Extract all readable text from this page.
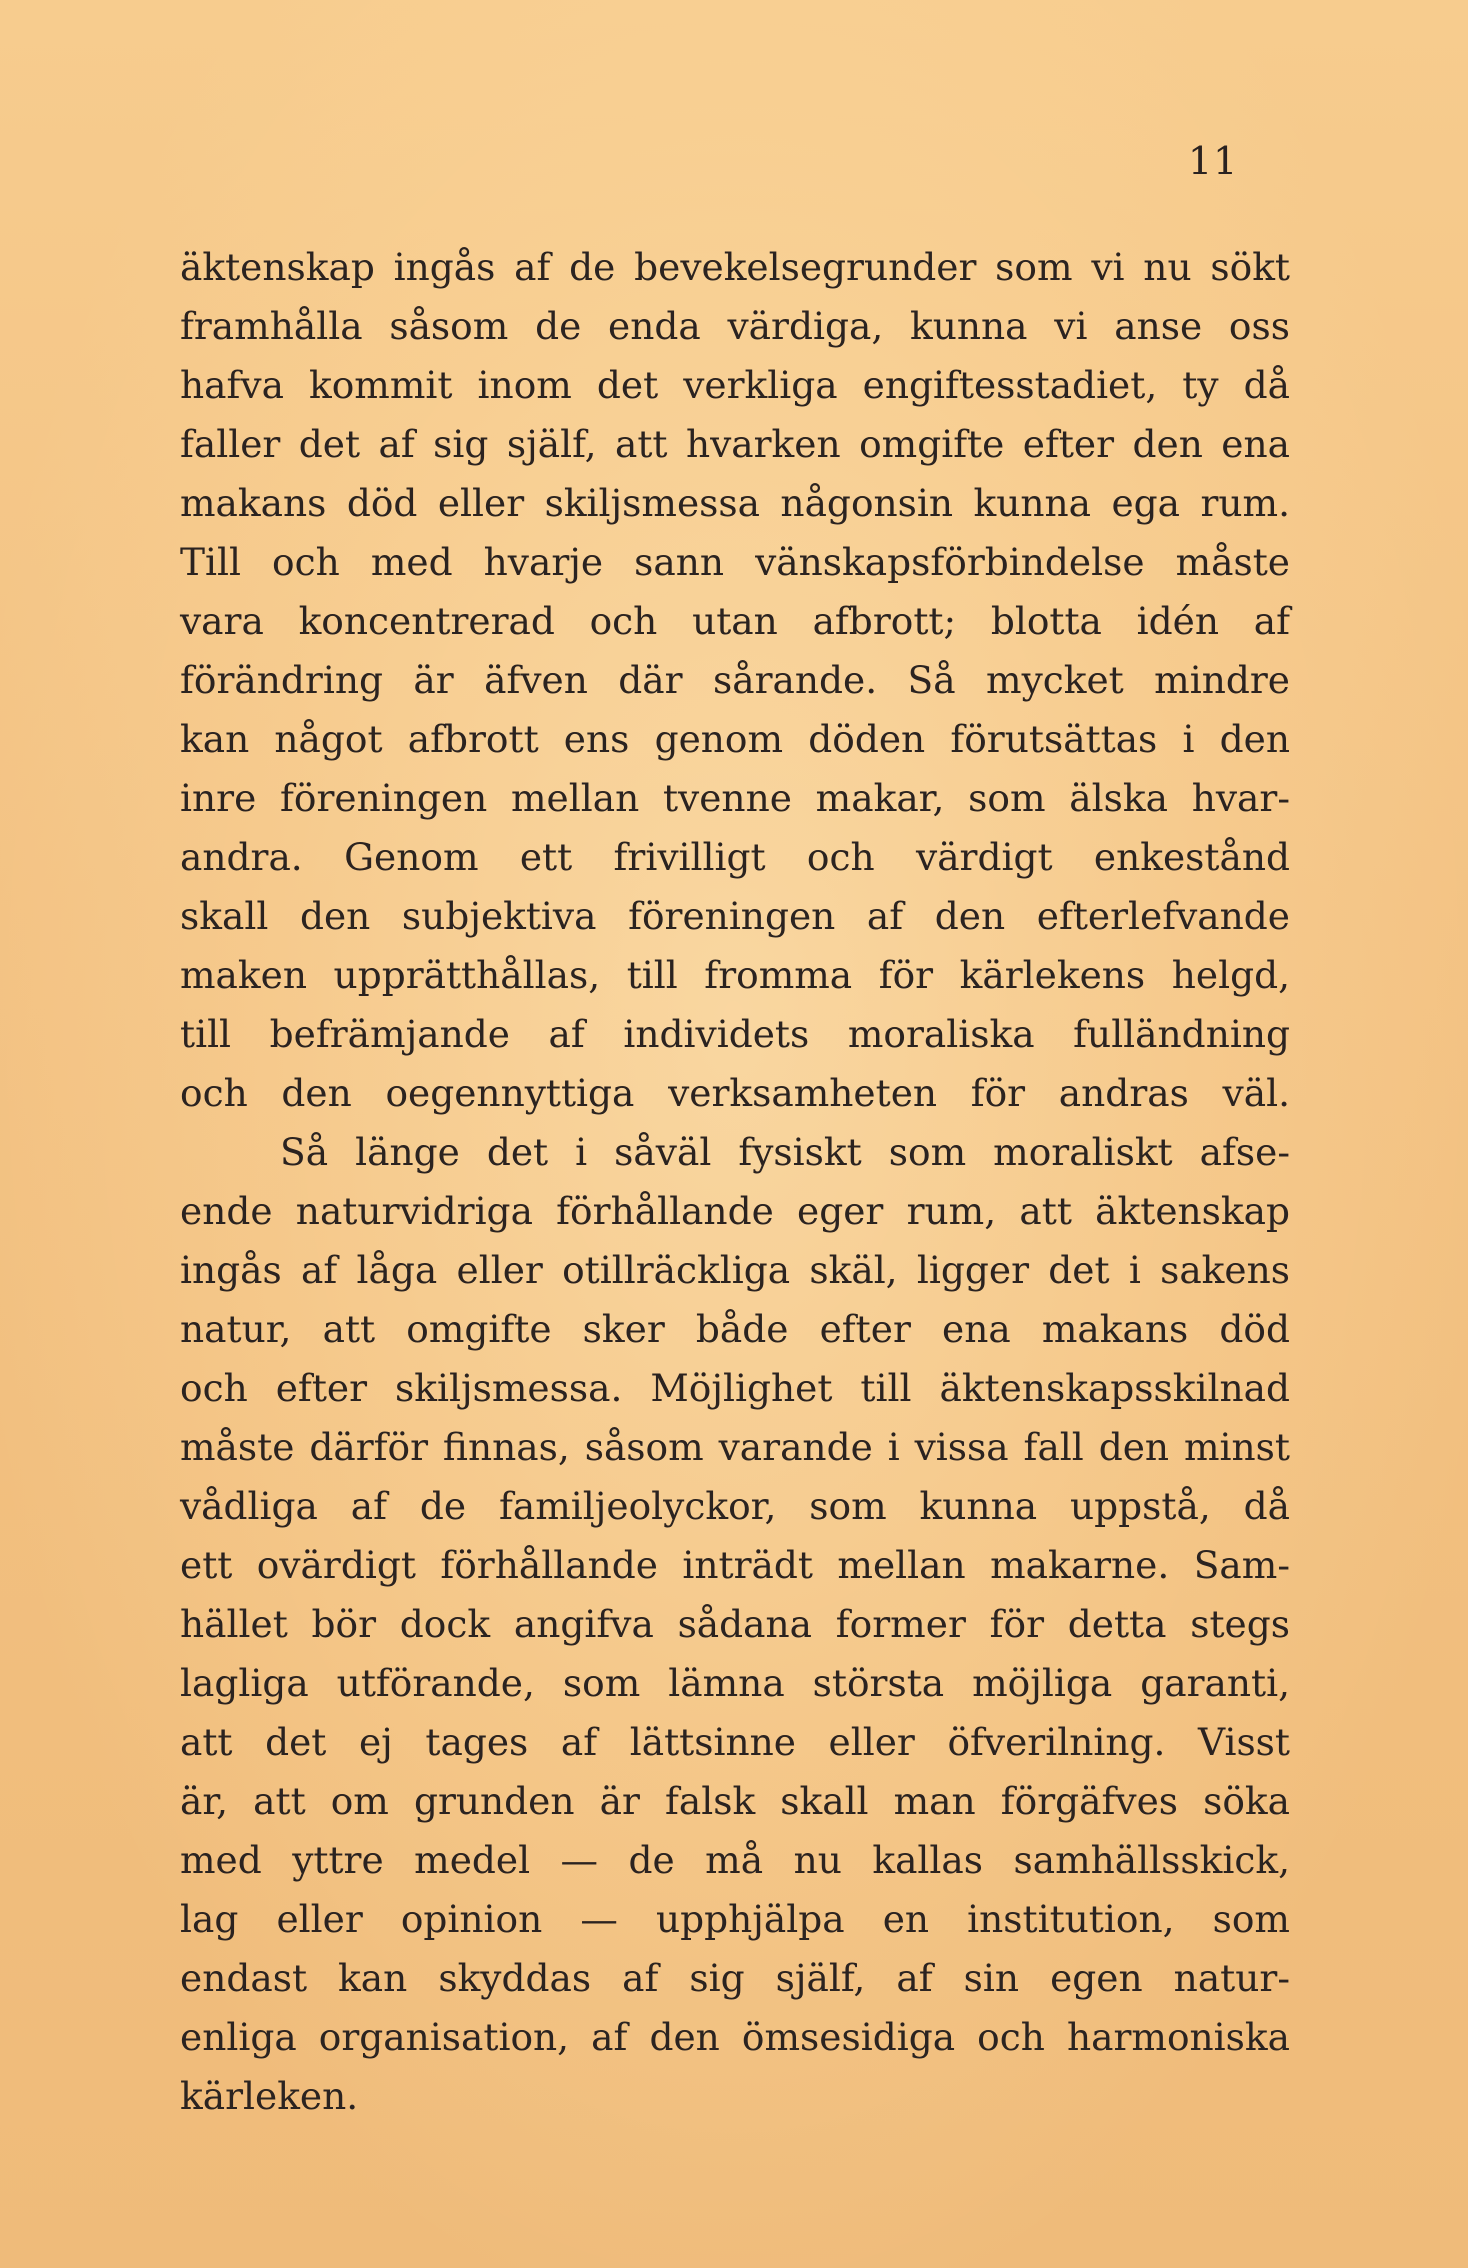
11
äktenskap ingås af de bevekelsegrunder som vi nu sökt
framhålla såsom de enda värdiga, kunna vi anse oss
hafva kommit inom det verkliga engiftesstadiet, ty då
faller det af sig själf, att hvarken omgifte efter den ena
makans död eller skiljsmessa någonsin kunna ega rum.
Till och med hvarje sann vänskapsförbindelse måste
vara koncentrerad och utan afbrott; blotta idén af
förändring är äfven där sårande. Så mycket mindre
kan något afbrott ens genom döden förutsättas i den
inre föreningen mellan tvenne makar, som älska hvar-
andra. Genom ett frivilligt och värdigt enkestånd
skall den subjektiva föreningen af den efterlefvande
maken upprätthållas, till fromma för kärlekens helgd,
till befrämjande af individets moraliska fulländning
och den oegennyttiga verksamheten för andras väl.
Så länge det i såväl fysiskt som moraliskt afse-
ende naturvidriga förhållande eger rum, att äktenskap
ingås af låga eller otillräckliga skäl, ligger det i sakens
natur, att omgifte sker både efter ena makans död
och efter skiljsmessa. Möjlighet till äktenskapsskilnad
måste därför finnas, såsom varande i vissa fall den minst
vådliga af de familjeolyckor, som kunna uppstå, då
ett ovärdigt förhållande inträdt mellan makarne. Sam-
hället bör dock angifva sådana former för detta stegs
lagliga utförande, som lämna största möjliga garanti,
att det ej tages af lättsinne eller öfverilning. Visst
är, att om grunden är falsk skall man förgäfves söka
med yttre medel — de må nu kallas samhällsskick,
lag eller opinion — upphjälpa en institution, som
endast kan skyddas af sig själf, af sin egen natur-
enliga organisation, af den ömsesidiga och harmoniska
kärleken.
